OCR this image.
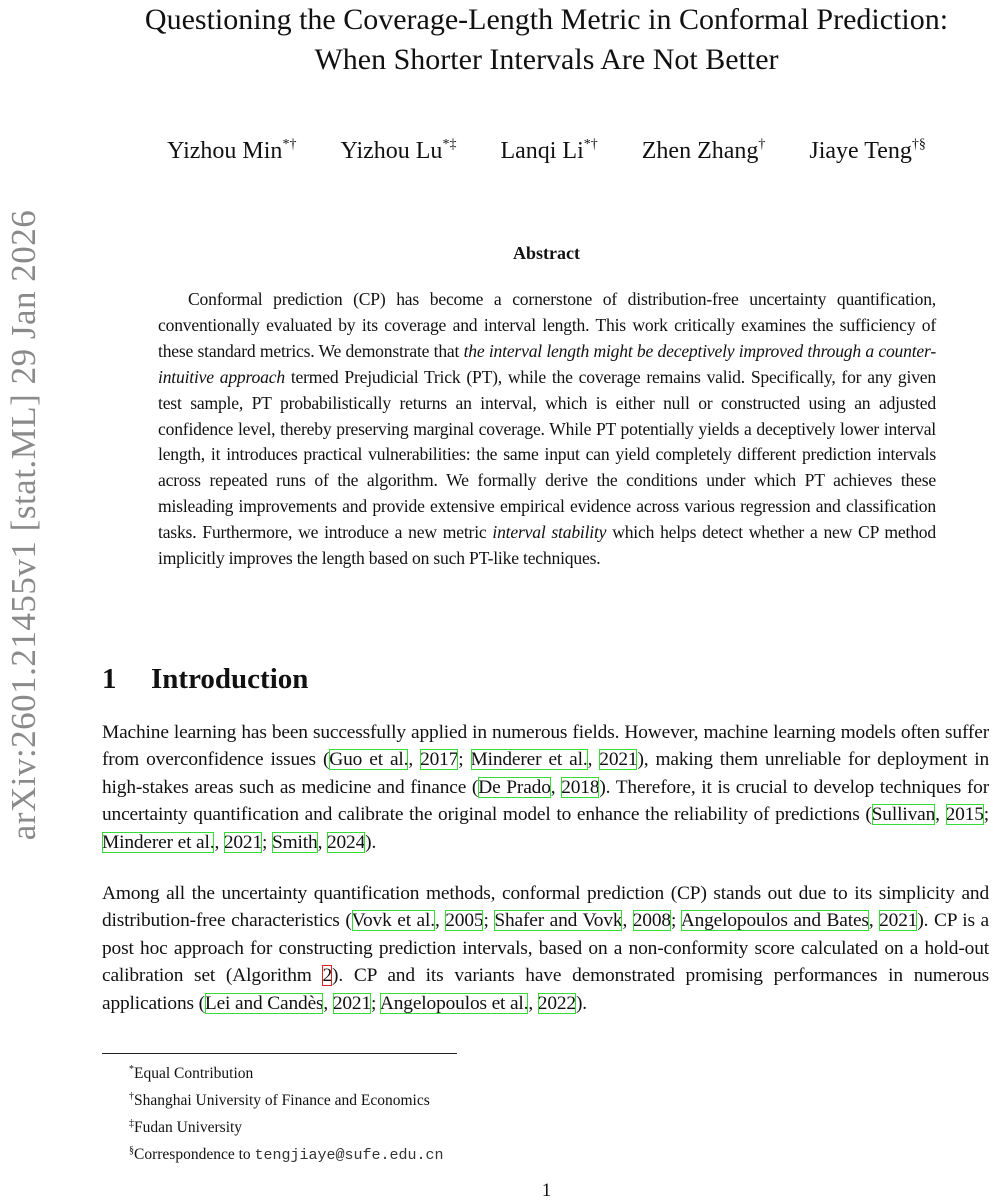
arXiv:2601.21455v1 [stat.ML] 29 Jan 2026
Questioning the Coverage-Length Metric in Conformal Prediction:
When Shorter Intervals Are Not Better
Yizhou Min*† Yizhou Lu*‡ Lanqi Li*† Zhen Zhang† Jiaye Teng†§
Abstract
Conformal prediction (CP) has become a cornerstone of distribution-free uncertainty quantification, conventionally evaluated by its coverage and interval length. This work critically examines the sufficiency of these standard metrics. We demonstrate that the interval length might be deceptively improved through a counter-intuitive approach termed Prejudicial Trick (PT), while the coverage remains valid. Specifically, for any given test sample, PT probabilistically returns an interval, which is either null or constructed using an adjusted confidence level, thereby preserving marginal coverage. While PT potentially yields a deceptively lower interval length, it introduces practical vulnerabilities: the same input can yield completely different prediction intervals across repeated runs of the algorithm. We formally derive the conditions under which PT achieves these misleading improvements and provide extensive empirical evidence across various regression and classification tasks. Furthermore, we introduce a new metric interval stability which helps detect whether a new CP method implicitly improves the length based on such PT-like techniques.
1 Introduction
Machine learning has been successfully applied in numerous fields. However, machine learning models often suffer from overconfidence issues (Guo et al., 2017; Minderer et al., 2021), making them unreliable for deployment in high-stakes areas such as medicine and finance (De Prado, 2018). Therefore, it is crucial to develop techniques for uncertainty quantification and calibrate the original model to enhance the reliability of predictions (Sullivan, 2015; Minderer et al., 2021; Smith, 2024).
Among all the uncertainty quantification methods, conformal prediction (CP) stands out due to its simplicity and distribution-free characteristics (Vovk et al., 2005; Shafer and Vovk, 2008; Angelopoulos and Bates, 2021). CP is a post hoc approach for constructing prediction intervals, based on a non-conformity score calculated on a hold-out calibration set (Algorithm 2). CP and its variants have demonstrated promising performances in numerous applications (Lei and Candès, 2021; Angelopoulos et al., 2022).
*Equal Contribution
†Shanghai University of Finance and Economics
‡Fudan University
§Correspondence to tengjiaye@sufe.edu.cn
1
